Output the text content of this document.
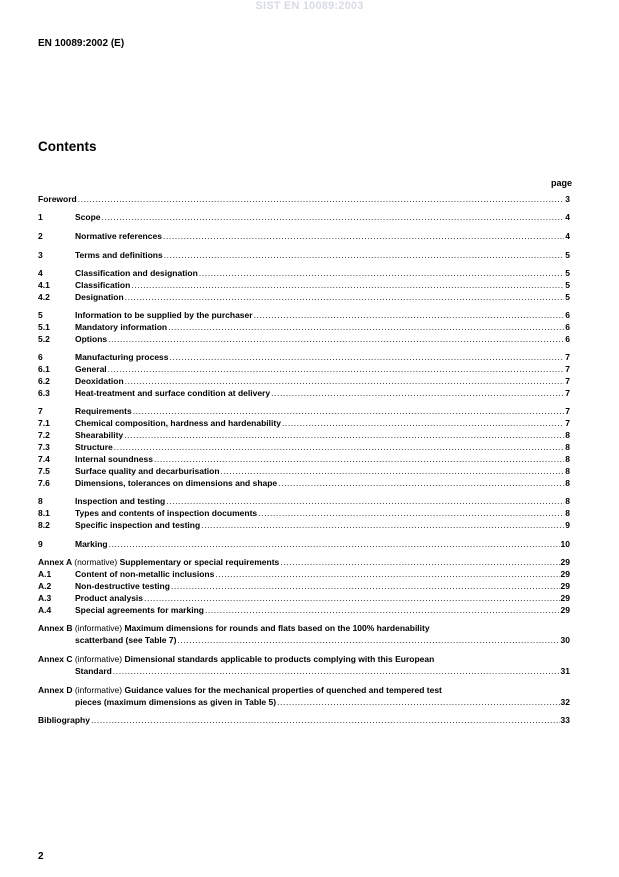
SIST EN 10089:2003
EN 10089:2002 (E)
Contents
page
Foreword .....	3
1	Scope .....	4
2	Normative references .....	4
3	Terms and definitions .....	5
4	Classification and designation .....	5
4.1	Classification .....	5
4.2	Designation .....	5
5	Information to be supplied by the purchaser .....	6
5.1	Mandatory information .....	6
5.2	Options .....	6
6	Manufacturing process .....	7
6.1	General .....	7
6.2	Deoxidation .....	7
6.3	Heat-treatment and surface condition at delivery .....	7
7	Requirements .....	7
7.1	Chemical composition, hardness and hardenability .....	7
7.2	Shearability .....	8
7.3	Structure .....	8
7.4	Internal soundness .....	8
7.5	Surface quality and decarburisation .....	8
7.6	Dimensions, tolerances on dimensions and shape .....	8
8	Inspection and testing .....	8
8.1	Types and contents of inspection documents .....	8
8.2	Specific inspection and testing .....	9
9	Marking .....	10
Annex A (normative) Supplementary or special requirements .....	29
A.1	Content of non-metallic inclusions .....	29
A.2	Non-destructive testing .....	29
A.3	Product analysis .....	29
A.4	Special agreements for marking .....	29
Annex B (informative) Maximum dimensions for rounds and flats based on the 100% hardenability
scatterband (see Table 7) .....	30
Annex C (informative) Dimensional standards applicable to products complying with this European
Standard .....	31
Annex D (informative) Guidance values for the mechanical properties of quenched and tempered test
pieces (maximum dimensions as given in Table 5) .....	32
Bibliography .....	33
2
